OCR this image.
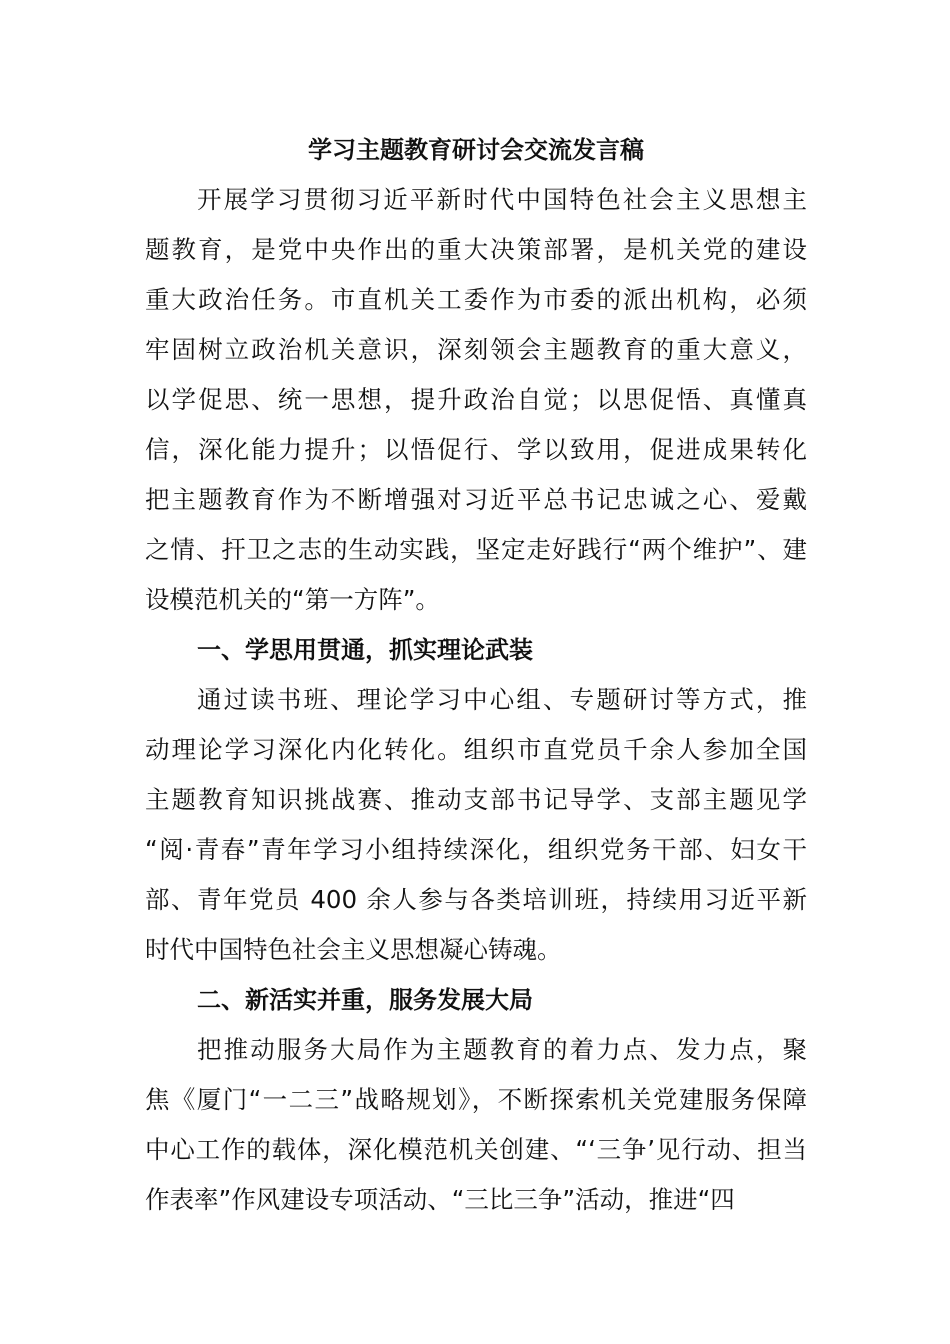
学习主题教育研讨会交流发言稿
开展学习贯彻习近平新时代中国特色社会主义思想主
题教育，是党中央作出的重大决策部署，是机关党的建设
重大政治任务。市直机关工委作为市委的派出机构，必须
牢固树立政治机关意识，深刻领会主题教育的重大意义，
以学促思、统一思想，提升政治自觉；以思促悟、真懂真
信，深化能力提升；以悟促行、学以致用，促进成果转化
把主题教育作为不断增强对习近平总书记忠诚之心、爱戴
之情、扞卫之志的生动实践，坚定走好践行“两个维护”、建
设模范机关的“第一方阵”。
一、学思用贯通，抓实理论武装
通过读书班、理论学习中心组、专题研讨等方式，推
动理论学习深化内化转化。组织市直党员千余人参加全国
主题教育知识挑战赛、推动支部书记导学、支部主题见学
“阅·青春”青年学习小组持续深化，组织党务干部、妇女干
部、青年党员 400 余人参与各类培训班，持续用习近平新
时代中国特色社会主义思想凝心铸魂。
二、新活实并重，服务发展大局
把推动服务大局作为主题教育的着力点、发力点，聚
焦《厦门“一二三”战略规划》，不断探索机关党建服务保障
中心工作的载体，深化模范机关创建、“‘三争’见行动、担当
作表率”作风建设专项活动、“三比三争”活动，推进“四
